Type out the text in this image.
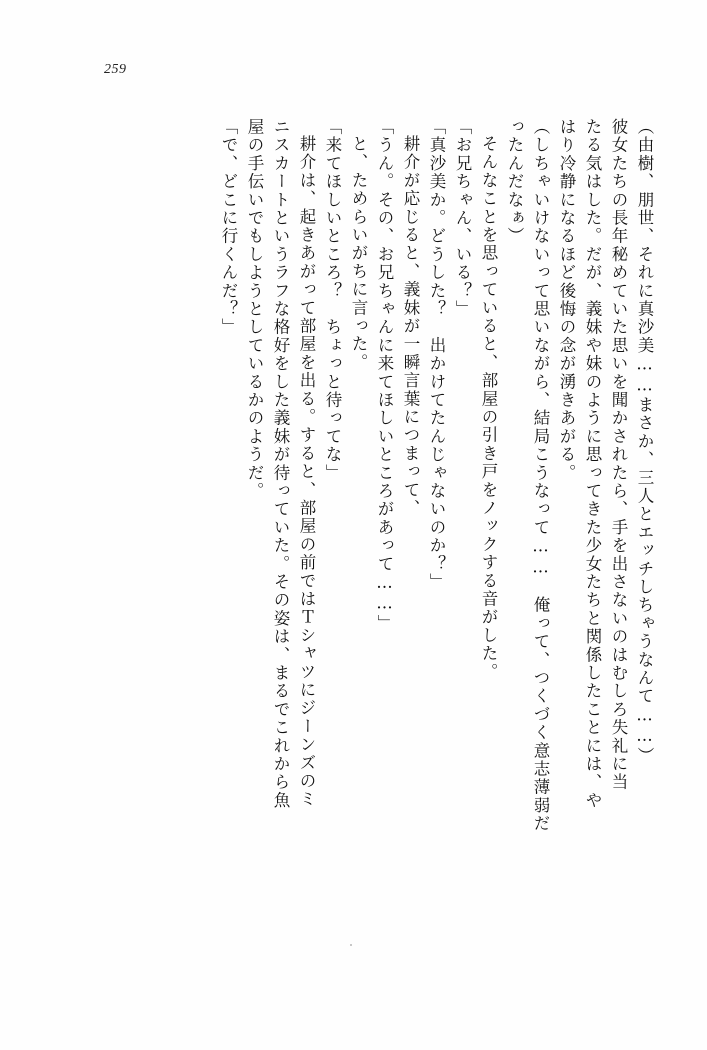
259
（由樹、朋世、それに真沙美……まさか、三人とエッチしちゃうなんて……）
彼女たちの長年秘めていた思いを聞かされたら、手を出さないのはむしろ失礼に当
たる気はした。だが、義妹や妹のように思ってきた少女たちと関係したことには、や
はり冷静になるほど後悔の念が湧きあがる。
（しちゃいけないって思いながら、結局こうなって……　俺って、つくづく意志薄弱だ
ったんだなぁ）
そんなことを思っていると、部屋の引き戸をノックする音がした。
「お兄ちゃん、いる？」
「真沙美か。どうした？　出かけてたんじゃないのか？」
耕介が応じると、義妹が一瞬言葉につまって、
「うん。その、お兄ちゃんに来てほしいところがあって……」
と、ためらいがちに言った。
「来てほしいところ？　ちょっと待ってな」
耕介は、起きあがって部屋を出る。すると、部屋の前ではＴシャツにジーンズのミ
ニスカートというラフな格好をした義妹が待っていた。その姿は、まるでこれから魚
屋の手伝いでもしようとしているかのようだ。
「で、どこに行くんだ？」
